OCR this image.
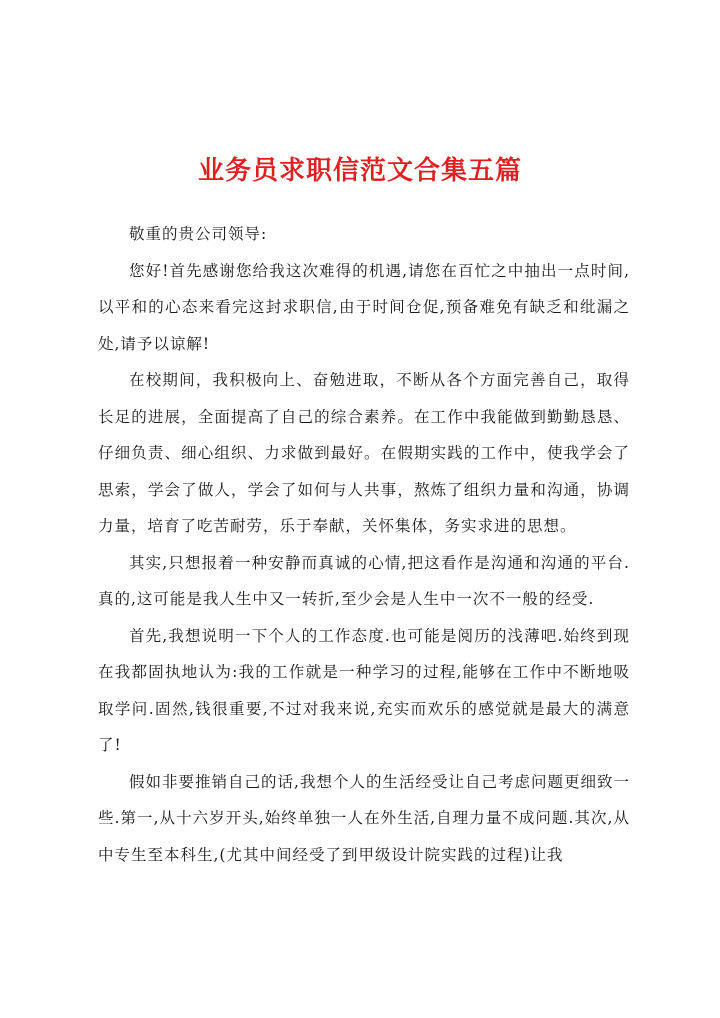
业务员求职信范文合集五篇

敬重的贵公司领导:

您好!首先感谢您给我这次难得的机遇,请您在百忙之中抽出一点时间,以平和的心态来看完这封求职信,由于时间仓促,预备难免有缺乏和纰漏之处,请予以谅解!

在校期间，我积极向上、奋勉进取，不断从各个方面完善自己，取得长足的进展，全面提高了自己的综合素养。在工作中我能做到勤勤恳恳、仔细负责、细心组织、力求做到最好。在假期实践的工作中，使我学会了思索，学会了做人，学会了如何与人共事，熬炼了组织力量和沟通，协调力量，培育了吃苦耐劳，乐于奉献，关怀集体，务实求进的思想。

其实,只想报着一种安静而真诚的心情,把这看作是沟通和沟通的平台.真的,这可能是我人生中又一转折,至少会是人生中一次不一般的经受.

首先,我想说明一下个人的工作态度.也可能是阅历的浅薄吧.始终到现在我都固执地认为:我的工作就是一种学习的过程,能够在工作中不断地吸取学问.固然,钱很重要,不过对我来说,充实而欢乐的感觉就是最大的满意了!

假如非要推销自己的话,我想个人的生活经受让自己考虑问题更细致一些.第一,从十六岁开头,始终单独一人在外生活,自理力量不成问题.其次,从中专生至本科生,(尤其中间经受了到甲级设计院实践的过程)让我
